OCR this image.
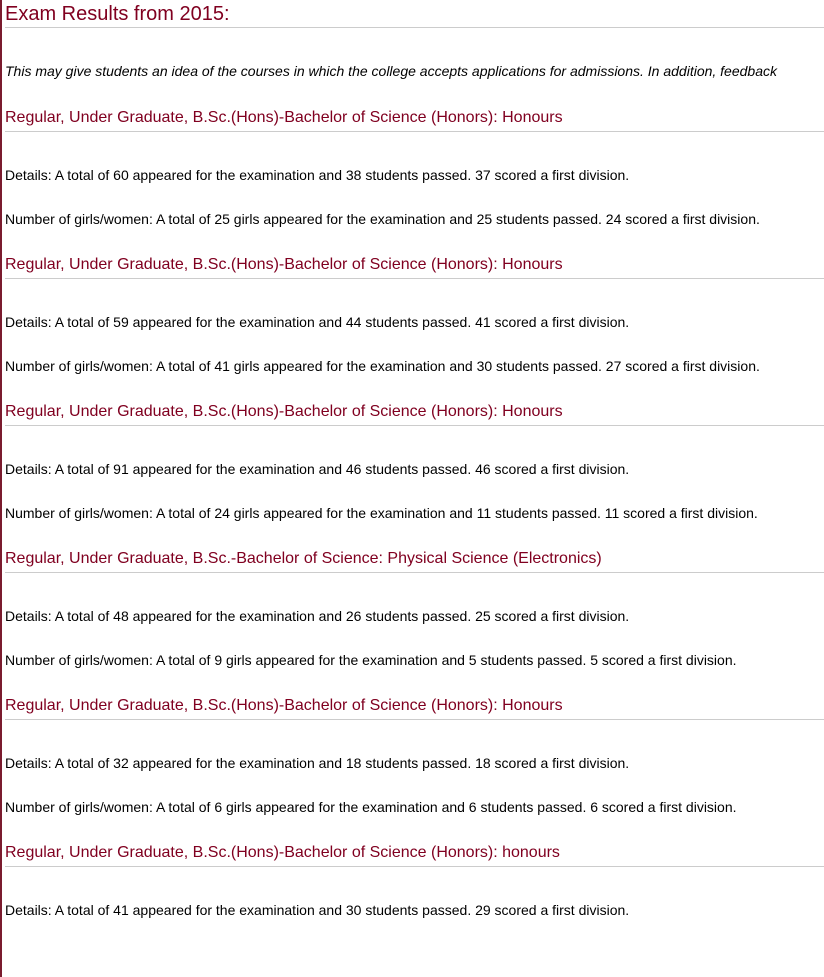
Exam Results from 2015:

This may give students an idea of the courses in which the college accepts applications for admissions. In addition, feedback

Regular, Under Graduate, B.Sc.(Hons)-Bachelor of Science (Honors): Honours

Details: A total of 60 appeared for the examination and 38 students passed. 37 scored a first division.

Number of girls/women: A total of 25 girls appeared for the examination and 25 students passed. 24 scored a first division.

Regular, Under Graduate, B.Sc.(Hons)-Bachelor of Science (Honors): Honours

Details: A total of 59 appeared for the examination and 44 students passed. 41 scored a first division.

Number of girls/women: A total of 41 girls appeared for the examination and 30 students passed. 27 scored a first division.

Regular, Under Graduate, B.Sc.(Hons)-Bachelor of Science (Honors): Honours

Details: A total of 91 appeared for the examination and 46 students passed. 46 scored a first division.

Number of girls/women: A total of 24 girls appeared for the examination and 11 students passed. 11 scored a first division.

Regular, Under Graduate, B.Sc.-Bachelor of Science: Physical Science (Electronics)

Details: A total of 48 appeared for the examination and 26 students passed. 25 scored a first division.

Number of girls/women: A total of 9 girls appeared for the examination and 5 students passed. 5 scored a first division.

Regular, Under Graduate, B.Sc.(Hons)-Bachelor of Science (Honors): Honours

Details: A total of 32 appeared for the examination and 18 students passed. 18 scored a first division.

Number of girls/women: A total of 6 girls appeared for the examination and 6 students passed. 6 scored a first division.

Regular, Under Graduate, B.Sc.(Hons)-Bachelor of Science (Honors): honours

Details: A total of 41 appeared for the examination and 30 students passed. 29 scored a first division.
